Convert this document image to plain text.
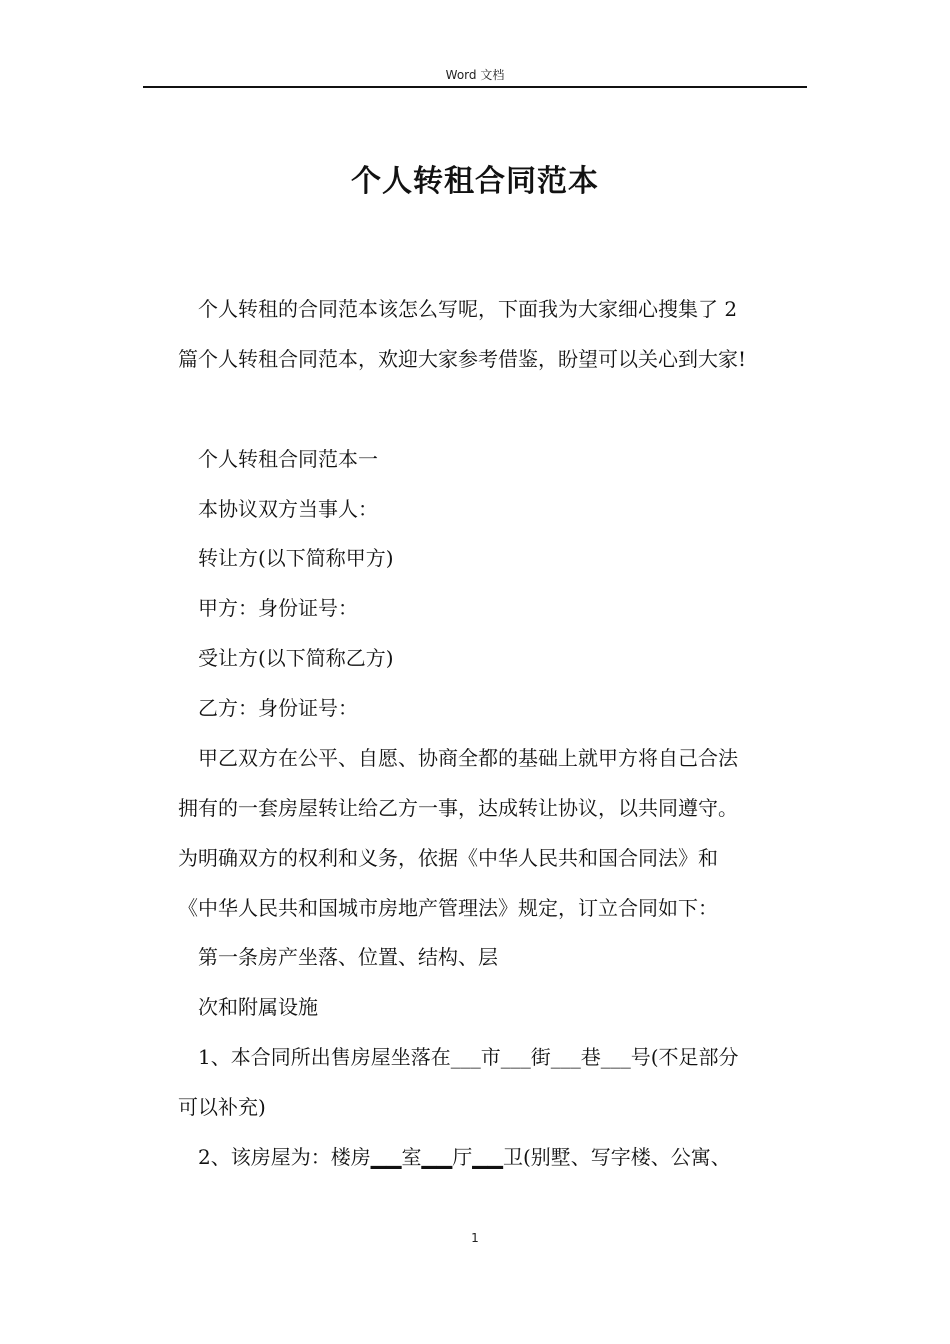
Word 文档
个人转租合同范本
个人转租的合同范本该怎么写呢，下面我为大家细心搜集了 2
篇个人转租合同范本，欢迎大家参考借鉴，盼望可以关心到大家!
个人转租合同范本一
本协议双方当事人：
转让方(以下简称甲方)
甲方：身份证号：
受让方(以下简称乙方)
乙方：身份证号：
甲乙双方在公平、自愿、协商全都的基础上就甲方将自己合法
拥有的一套房屋转让给乙方一事，达成转让协议，以共同遵守。
为明确双方的权利和义务，依据《中华人民共和国合同法》和
《中华人民共和国城市房地产管理法》规定，订立合同如下：
第一条房产坐落、位置、结构、层
次和附属设施
1、本合同所出售房屋坐落在___市___街___巷___号(不足部分
可以补充)
2、该房屋为：楼房▁▁室▁▁厅▁▁卫(别墅、写字楼、公寓、
1
